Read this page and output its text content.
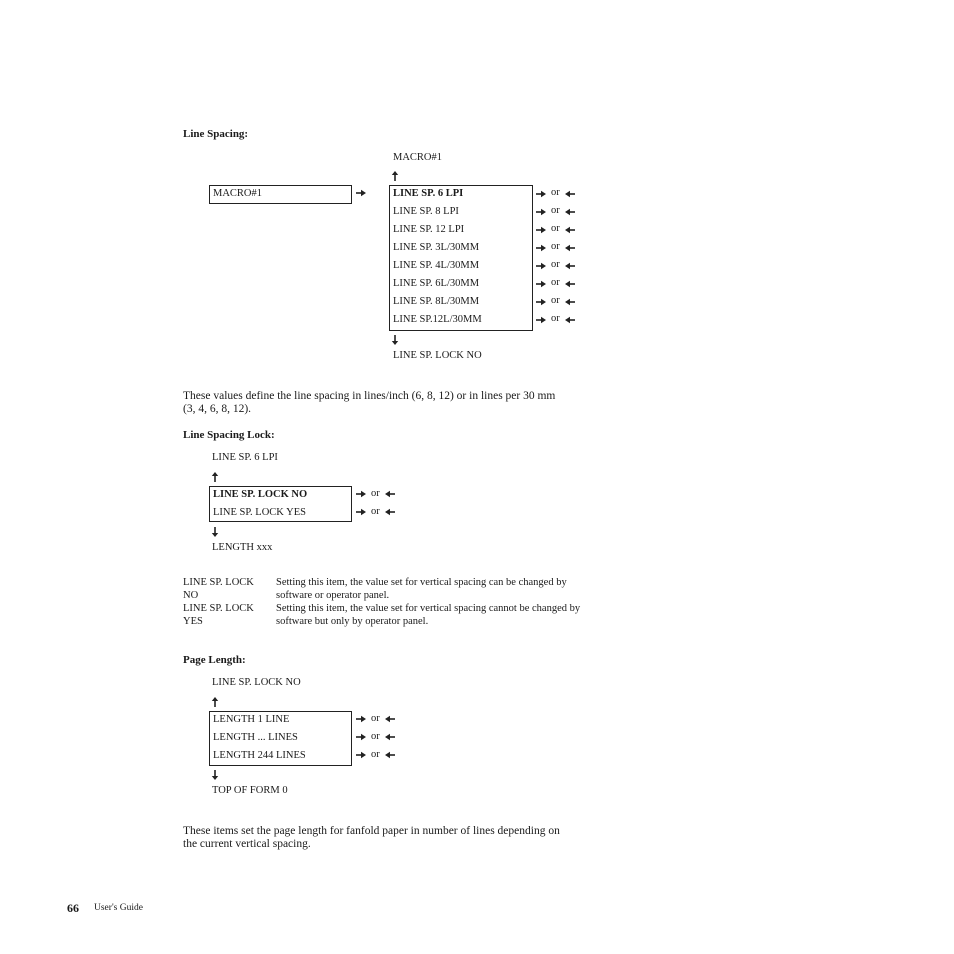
Line Spacing:
MACRO#1
MACRO#1	LINE SP. 6 LPI
LINE SP. 8 LPI
LINE SP. 12 LPI
LINE SP. 3L/30MM
LINE SP. 4L/30MM
LINE SP. 6L/30MM
LINE SP. 8L/30MM
LINE SP.12L/30MM
or
or
or
or
or
or
or
or
LINE SP. LOCK NO
These values define the line spacing in lines/inch (6, 8, 12) or in lines per 30 mm
(3, 4, 6, 8, 12).
Line Spacing Lock:
LINE SP. 6 LPI
LINE SP. LOCK NO
LINE SP. LOCK YES
or
or
LENGTH xxx
LINE SP. LOCK
NO
Setting this item, the value set for vertical spacing can be changed by
software or operator panel.
LINE SP. LOCK
YES
Setting this item, the value set for vertical spacing cannot be changed by
software but only by operator panel.
Page Length:
LINE SP. LOCK NO
LENGTH 1 LINE
LENGTH ... LINES
LENGTH 244 LINES
or
or
or
TOP OF FORM 0
These items set the page length for fanfold paper in number of lines depending on
the current vertical spacing.
66 User's Guide
